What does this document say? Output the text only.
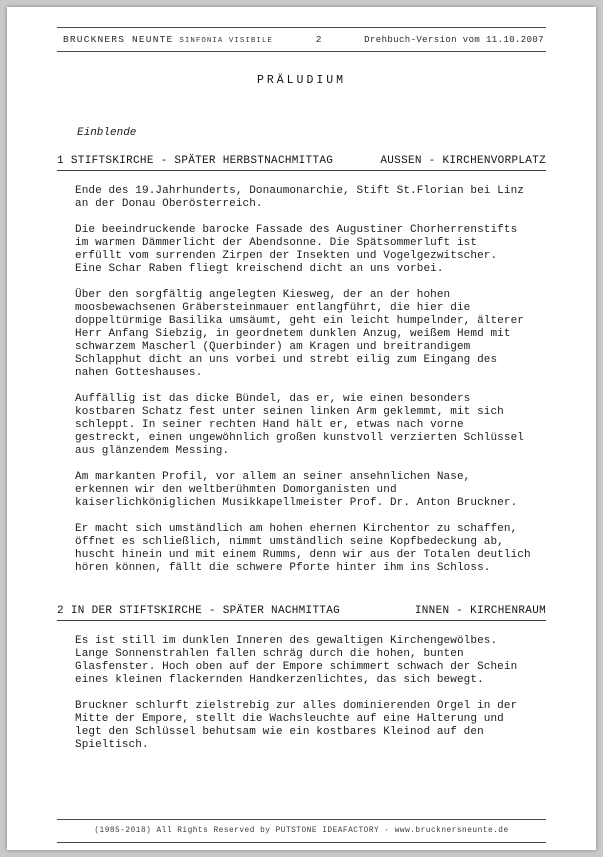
BRUCKNERS NEUNTE SINFONIA VISIBILE	2	Drehbuch-Version vom 11.10.2007
PRÄLUDIUM
Einblende
1 STIFTSKIRCHE - SPÄTER HERBSTNACHMITTAG	AUSSEN - KIRCHENVORPLATZ

Ende des 19.Jahrhunderts, Donaumonarchie, Stift St.Florian bei Linz
an der Donau Oberösterreich.

Die beeindruckende barocke Fassade des Augustiner Chorherrenstifts
im warmen Dämmerlicht der Abendsonne. Die Spätsommerluft ist
erfüllt vom surrenden Zirpen der Insekten und Vogelgezwitscher.
Eine Schar Raben fliegt kreischend dicht an uns vorbei.

Über den sorgfältig angelegten Kiesweg, der an der hohen
moosbewachsenen Gräbersteinmauer entlangführt, die hier die
doppeltürmige Basilika umsäumt, geht ein leicht humpelnder, älterer
Herr Anfang Siebzig, in geordnetem dunklen Anzug, weißem Hemd mit
schwarzem Mascherl (Querbinder) am Kragen und breitrandigem
Schlapphut dicht an uns vorbei und strebt eilig zum Eingang des
nahen Gotteshauses.

Auffällig ist das dicke Bündel, das er, wie einen besonders
kostbaren Schatz fest unter seinen linken Arm geklemmt, mit sich
schleppt. In seiner rechten Hand hält er, etwas nach vorne
gestreckt, einen ungewöhnlich großen kunstvoll verzierten Schlüssel
aus glänzendem Messing.

Am markanten Profil, vor allem an seiner ansehnlichen Nase,
erkennen wir den weltberühmten Domorganisten und
kaiserlichköniglichen Musikkapellmeister Prof. Dr. Anton Bruckner.

Er macht sich umständlich am hohen ehernen Kirchentor zu schaffen,
öffnet es schließlich, nimmt umständlich seine Kopfbedeckung ab,
huscht hinein und mit einem Rumms, denn wir aus der Totalen deutlich
hören können, fällt die schwere Pforte hinter ihm ins Schloss.

2 IN DER STIFTSKIRCHE - SPÄTER NACHMITTAG	INNEN - KIRCHENRAUM

Es ist still im dunklen Inneren des gewaltigen Kirchengewölbes.
Lange Sonnenstrahlen fallen schräg durch die hohen, bunten
Glasfenster. Hoch oben auf der Empore schimmert schwach der Schein
eines kleinen flackernden Handkerzenlichtes, das sich bewegt.

Bruckner schlurft zielstrebig zur alles dominierenden Orgel in der
Mitte der Empore, stellt die Wachsleuchte auf eine Halterung und
legt den Schlüssel behutsam wie ein kostbares Kleinod auf den
Spieltisch.

(1985-2018) All Rights Reserved by PUTSTONE IDEAFACTORY · www.brucknersneunte.de
